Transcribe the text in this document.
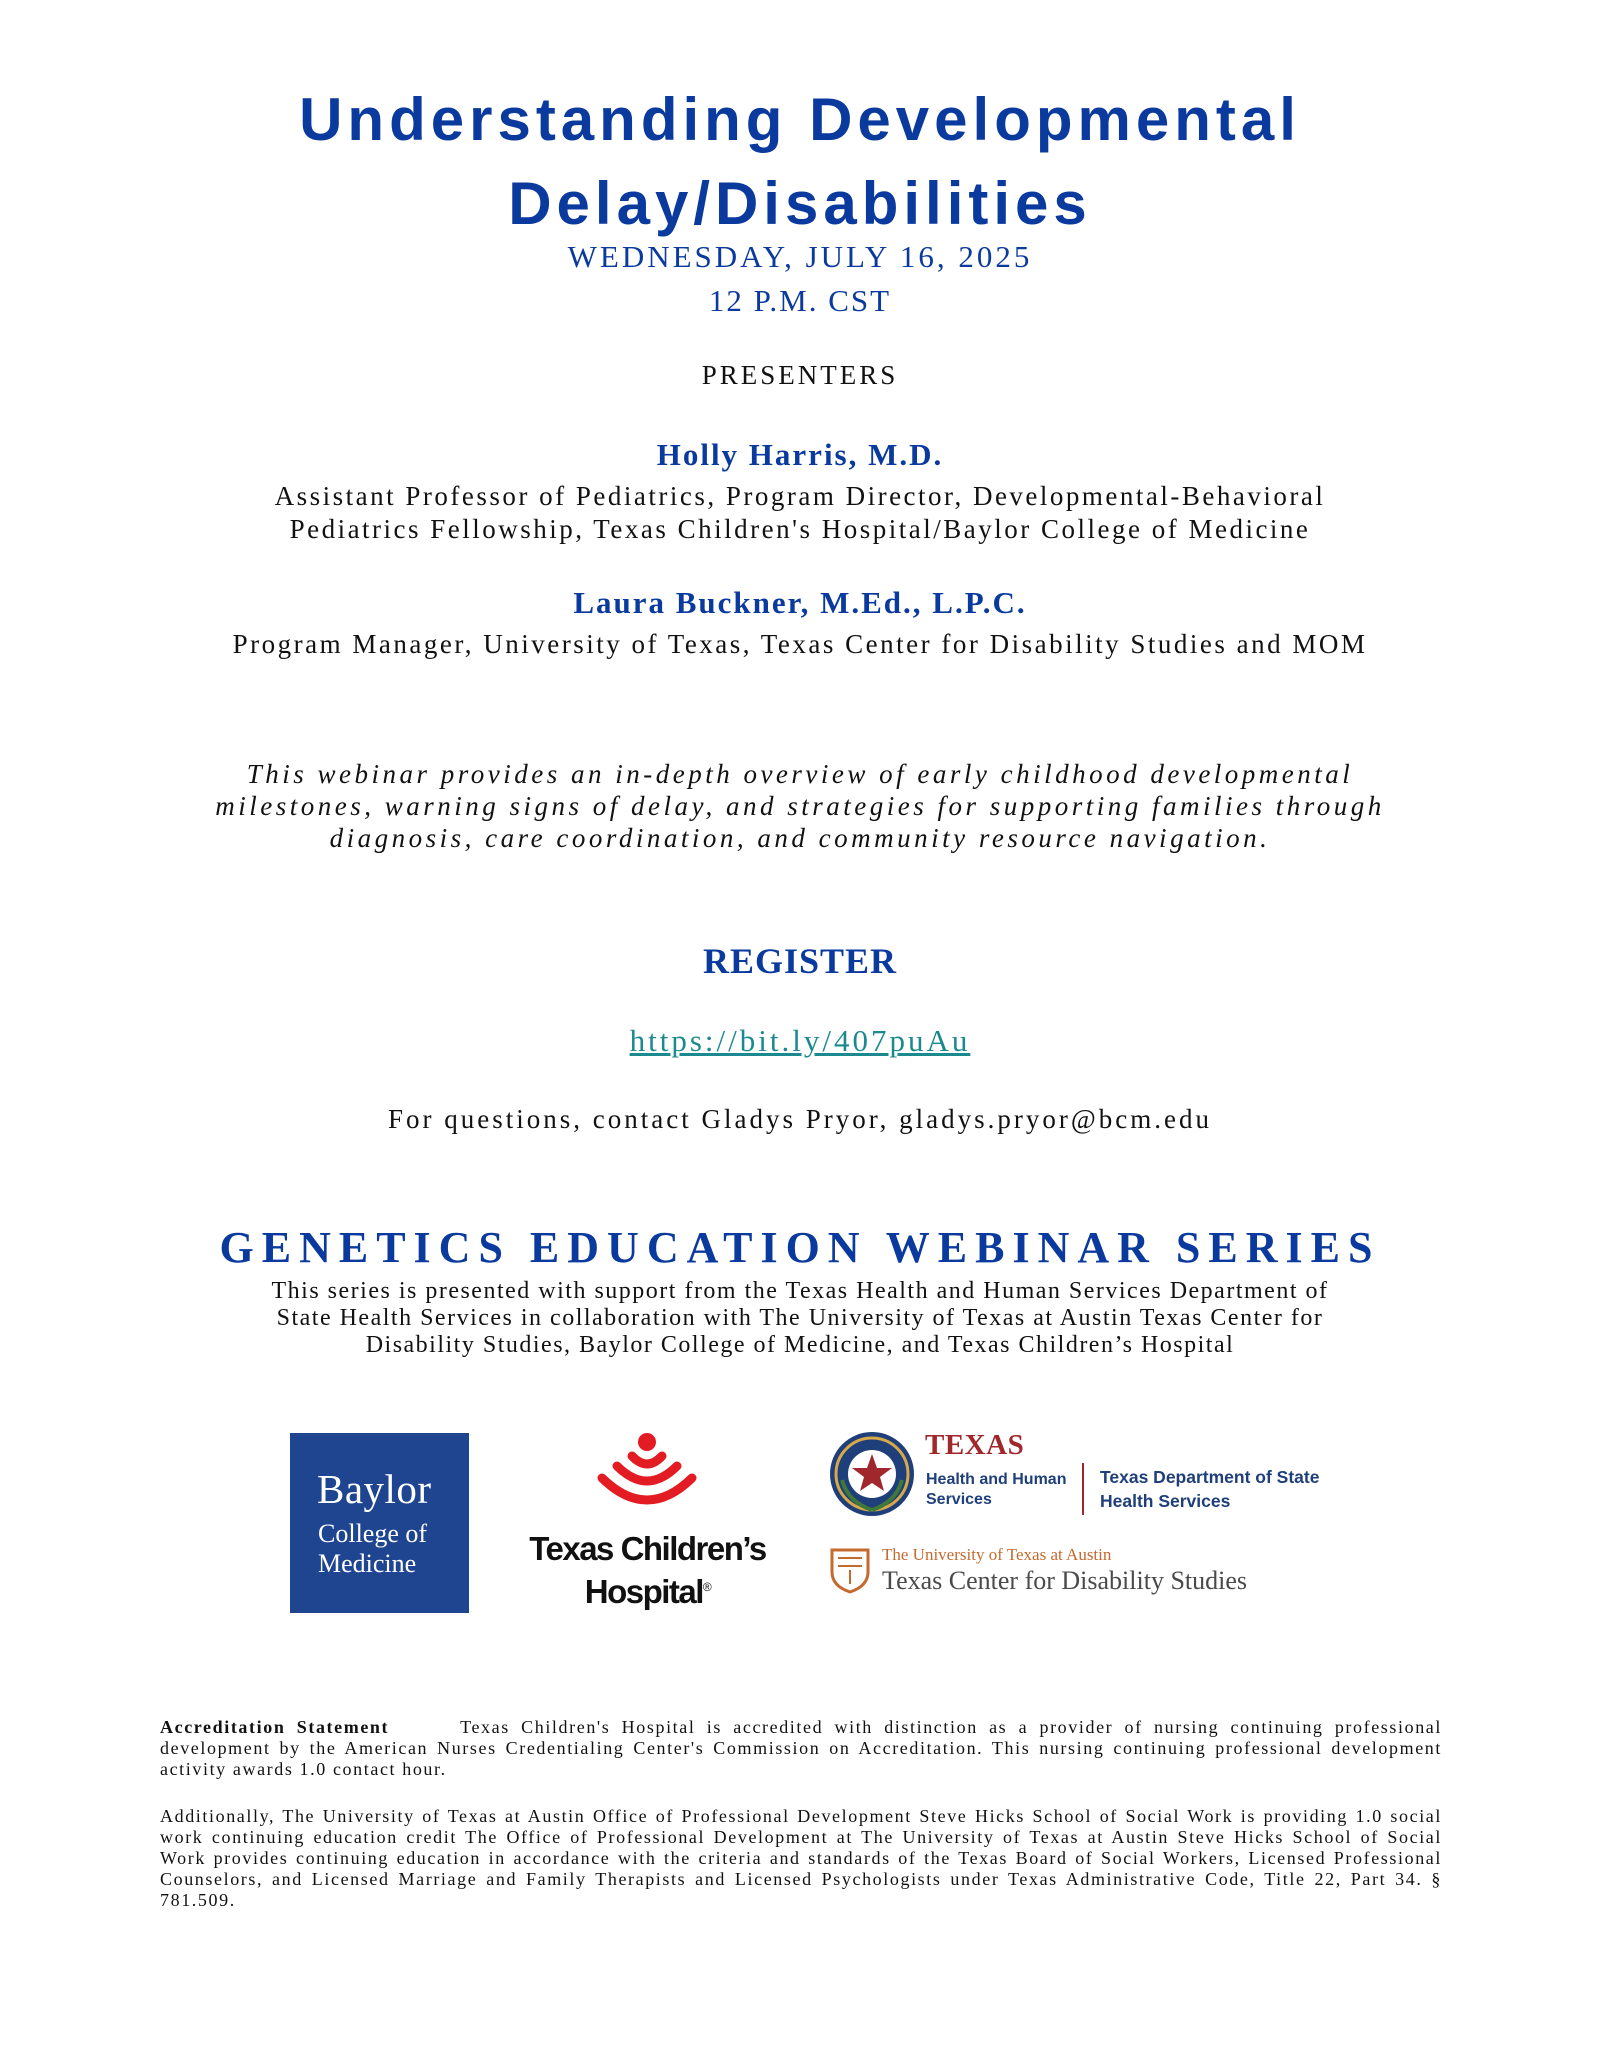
Understanding Developmental
Delay/Disabilities
WEDNESDAY, JULY 16, 2025
12 P.M. CST
PRESENTERS
Holly Harris, M.D.
Assistant Professor of Pediatrics, Program Director, Developmental-Behavioral
Pediatrics Fellowship, Texas Children's Hospital/Baylor College of Medicine
Laura Buckner, M.Ed., L.P.C.
Program Manager, University of Texas, Texas Center for Disability Studies and MOM
This webinar provides an in-depth overview of early childhood developmental
milestones, warning signs of delay, and strategies for supporting families through
diagnosis, care coordination, and community resource navigation.
REGISTER
https://bit.ly/407puAu
For questions, contact Gladys Pryor, gladys.pryor@bcm.edu
GENETICS EDUCATION WEBINAR SERIES
This series is presented with support from the Texas Health and Human Services Department of
State Health Services in collaboration with The University of Texas at Austin Texas Center for
Disability Studies, Baylor College of Medicine, and Texas Children’s Hospital
Baylor
College of
Medicine	Texas Children’s
Hospital®
TEXAS
Health and Human
Services
Texas Department of State
Health Services
The University of Texas at Austin
Texas Center for Disability Studies
Accreditation Statement	Texas Children's Hospital is accredited with distinction as a provider of nursing continuing professional development by the American Nurses Credentialing Center's Commission on Accreditation. This nursing continuing professional development activity awards 1.0 contact hour.
Additionally, The University of Texas at Austin Office of Professional Development Steve Hicks School of Social Work is providing 1.0 social work continuing education credit The Office of Professional Development at The University of Texas at Austin Steve Hicks School of Social Work provides continuing education in accordance with the criteria and standards of the Texas Board of Social Workers, Licensed Professional Counselors, and Licensed Marriage and Family Therapists and Licensed Psychologists under Texas Administrative Code, Title 22, Part 34. § 781.509.
